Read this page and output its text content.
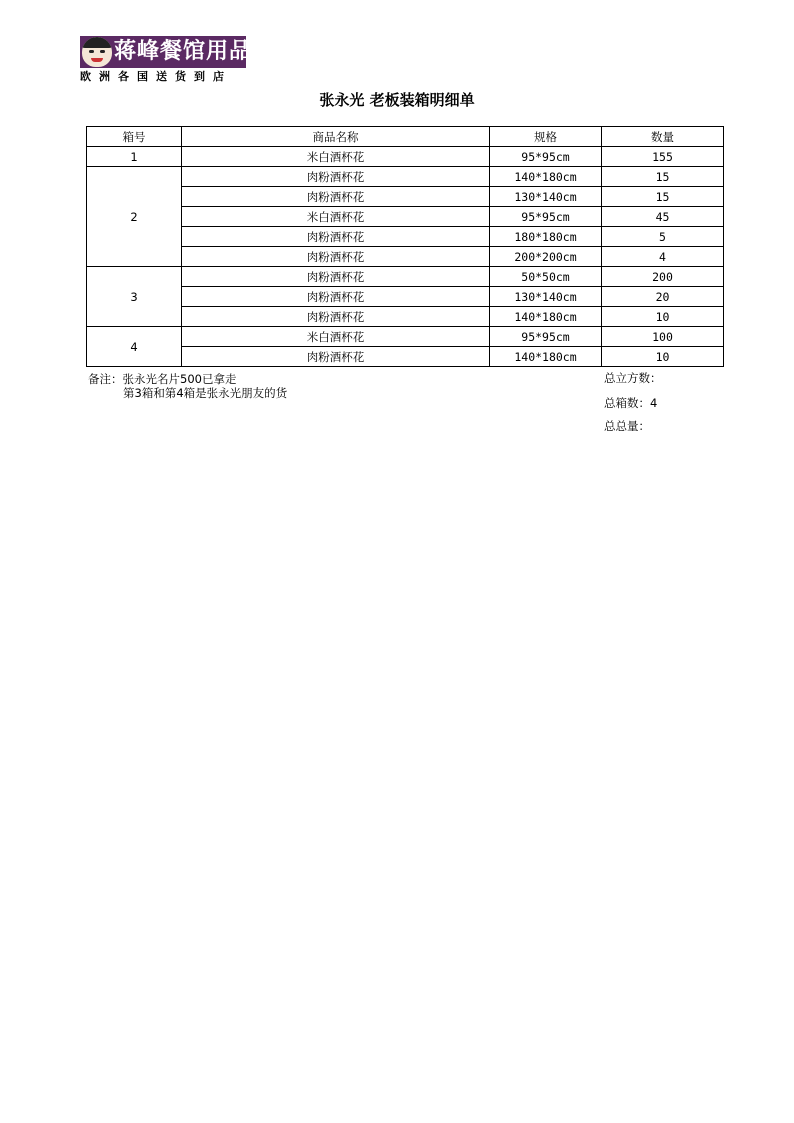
蒋峰餐馆用品
欧洲各国送货到店
张永光 老板装箱明细单
箱号	商品名称	规格	数量
1	米白酒杯花	95*95cm	155
2	肉粉酒杯花	140*180cm	15
	肉粉酒杯花	130*140cm	15
	米白酒杯花	95*95cm	45
	肉粉酒杯花	180*180cm	5
	肉粉酒杯花	200*200cm	4
3	肉粉酒杯花	50*50cm	200
	肉粉酒杯花	130*140cm	20
	肉粉酒杯花	140*180cm	10
4	米白酒杯花	95*95cm	100
	肉粉酒杯花	140*180cm	10
备注：张永光名片500已拿走
第3箱和第4箱是张永光朋友的货
总立方数：
总箱数：4
总总量：
